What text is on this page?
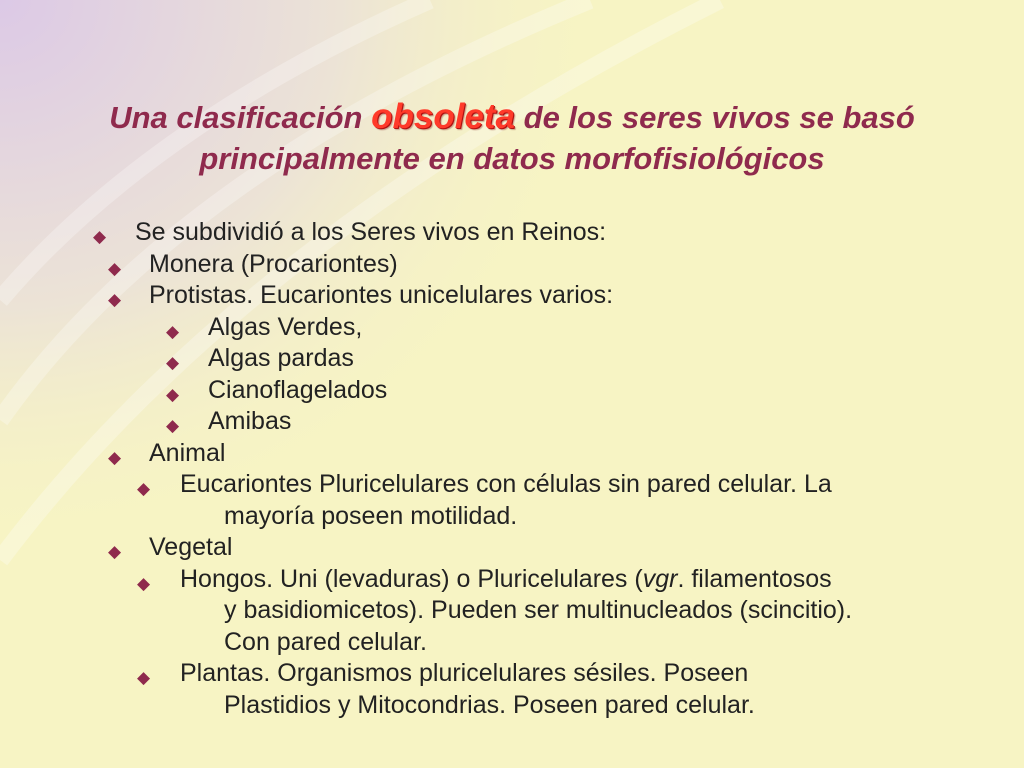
Una clasificación obsoleta de los seres vivos se basó principalmente en datos morfofisiológicos
◆ Se subdividió a los Seres vivos en Reinos:
◆ Monera (Procariontes)
◆ Protistas. Eucariontes unicelulares varios:
◆ Algas Verdes,
◆ Algas pardas
◆ Cianoflagelados
◆ Amibas
◆ Animal
◆ Eucariontes Pluricelulares con células sin pared celular. La
mayoría poseen motilidad.
◆ Vegetal
◆ Hongos. Uni (levaduras) o Pluricelulares (vgr. filamentosos
y basidiomicetos). Pueden ser multinucleados (scincitio).
Con pared celular.
◆ Plantas. Organismos pluricelulares sésiles. Poseen
Plastidios y Mitocondrias. Poseen pared celular.
